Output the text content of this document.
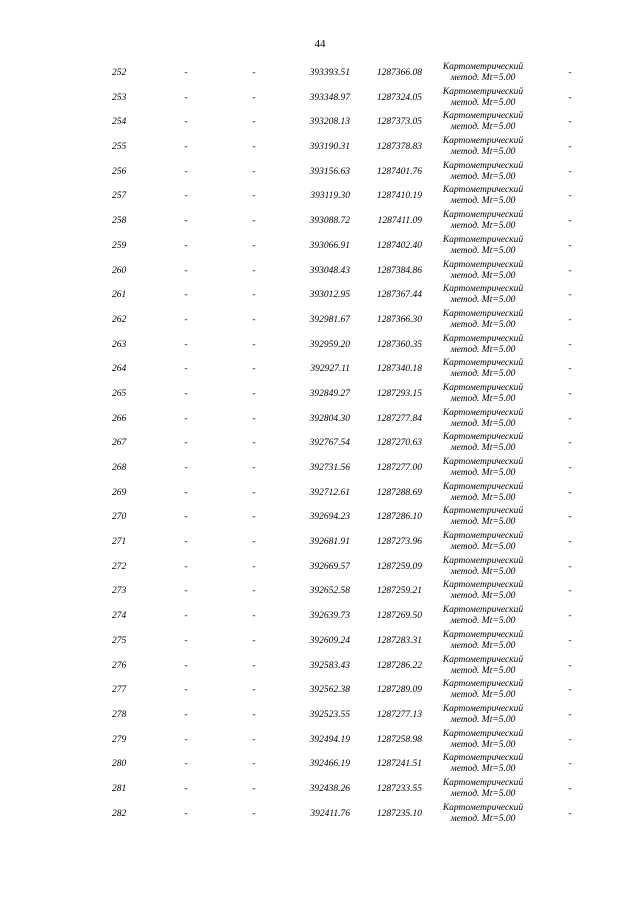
44
252	-	-	393393.51	1287366.08
Картометрический
метод. Mt=5.00	-
253	-	-	393348.97	1287324.05
Картометрический
метод. Mt=5.00	-
254	-	-	393208.13	1287373.05
Картометрический
метод. Mt=5.00	-
255	-	-	393190.31	1287378.83
Картометрический
метод. Mt=5.00	-
256	-	-	393156.63	1287401.76
Картометрический
метод. Mt=5.00	-
257	-	-	393119.30	1287410.19
Картометрический
метод. Mt=5.00	-
258	-	-	393088.72	1287411.09
Картометрический
метод. Mt=5.00	-
259	-	-	393066.91	1287402.40
Картометрический
метод. Mt=5.00	-
260	-	-	393048.43	1287384.86
Картометрический
метод. Mt=5.00	-
261	-	-	393012.95	1287367.44
Картометрический
метод. Mt=5.00	-
262	-	-	392981.67	1287366.30
Картометрический
метод. Mt=5.00	-
263	-	-	392959.20	1287360.35
Картометрический
метод. Mt=5.00	-
264	-	-	392927.11	1287340.18
Картометрический
метод. Mt=5.00	-
265	-	-	392849.27	1287293.15
Картометрический
метод. Mt=5.00	-
266	-	-	392804.30	1287277.84
Картометрический
метод. Mt=5.00	-
267	-	-	392767.54	1287270.63
Картометрический
метод. Mt=5.00	-
268	-	-	392731.56	1287277.00
Картометрический
метод. Mt=5.00	-
269	-	-	392712.61	1287288.69
Картометрический
метод. Mt=5.00	-
270	-	-	392694.23	1287286.10
Картометрический
метод. Mt=5.00	-
271	-	-	392681.91	1287273.96
Картометрический
метод. Mt=5.00	-
272	-	-	392669.57	1287259.09
Картометрический
метод. Mt=5.00	-
273	-	-	392652.58	1287259.21
Картометрический
метод. Mt=5.00	-
274	-	-	392639.73	1287269.50
Картометрический
метод. Mt=5.00	-
275	-	-	392609.24	1287283.31
Картометрический
метод. Mt=5.00	-
276	-	-	392583.43	1287286.22
Картометрический
метод. Mt=5.00	-
277	-	-	392562.38	1287289.09
Картометрический
метод. Mt=5.00	-
278	-	-	392523.55	1287277.13
Картометрический
метод. Mt=5.00	-
279	-	-	392494.19	1287258.98
Картометрический
метод. Mt=5.00	-
280	-	-	392466.19	1287241.51
Картометрический
метод. Mt=5.00	-
281	-	-	392438.26	1287233.55
Картометрический
метод. Mt=5.00	-
282	-	-	392411.76	1287235.10
Картометрический
метод. Mt=5.00	-
